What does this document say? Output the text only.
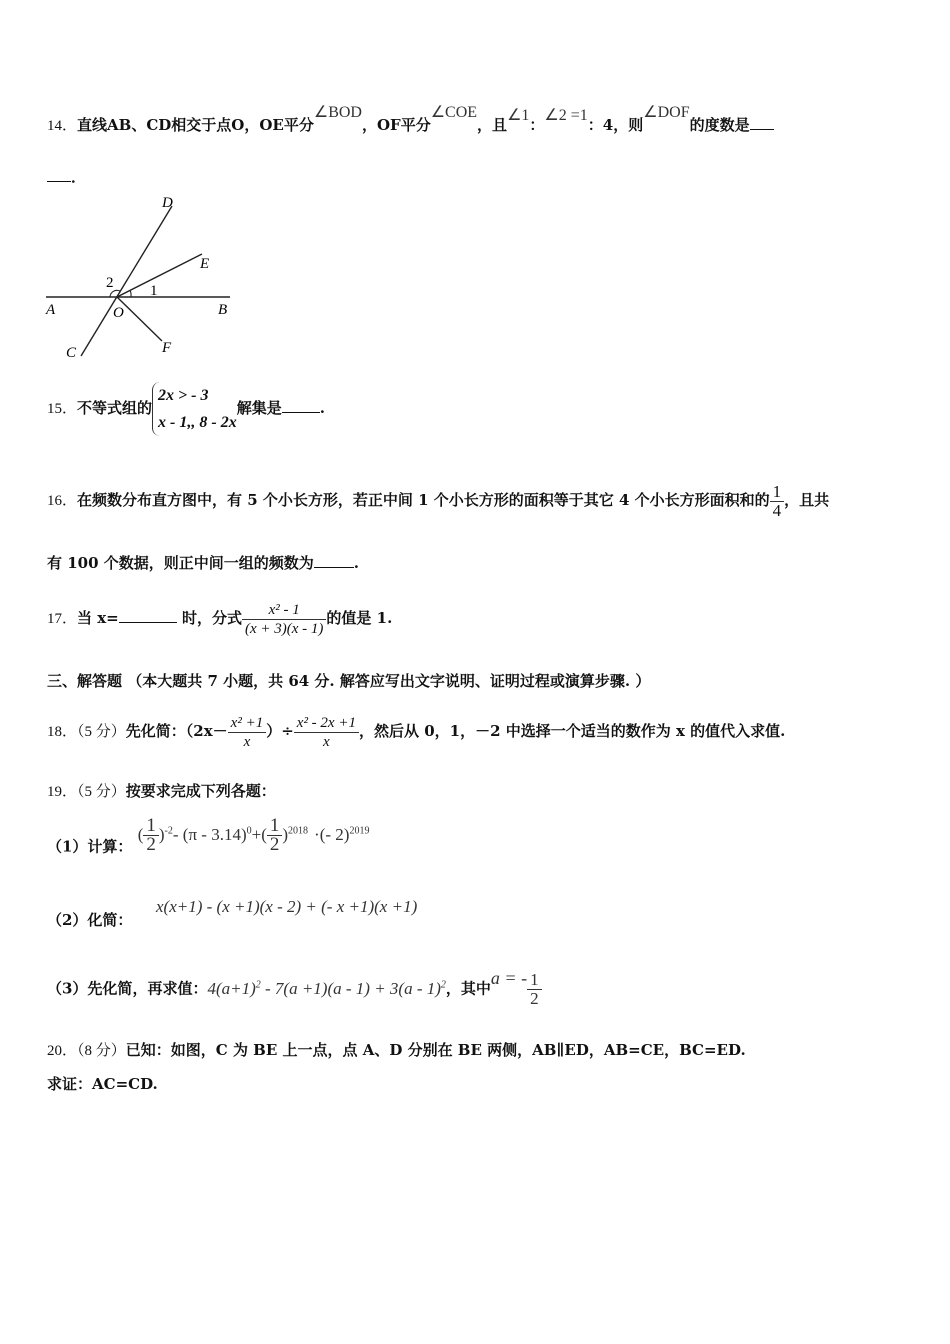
14．直线AB、CD相交于点O，OE平分∠BOD，OF平分∠COE，且∠1：∠2 =1：4，则∠DOF的度数是
．
D
E
2 1
A	O	B
C	F
15．不等式组的
2x > - 3
x - 1,, 8 - 2x
解集是	.
16．在频数分布直方图中，有 5 个小长方形，若正中间 1 个小长方形的面积等于其它 4 个小长方形面积和的 $\frac{1}{4}$ ，且共
有 100 个数据，则正中间一组的频数为	.
17．当 x=	时，分式 $\frac{\text{x² - 1}}{(x + 3)(x - 1)}$ 的值是 1.
三、解答题 （本大题共 7 小题，共 64 分. 解答应写出文字说明、证明过程或演算步骤. ）
18．（5 分）先化简：（$2x- \frac{\text{x² +1}}{x}$ ）÷ $\frac{\text{x² - 2x +1}}{x}$ ，然后从 0，1，－2 中选择一个适当的数作为 x 的值代入求值.
19．（5 分）按要求完成下列各题：
（1）计算： ( $\frac{1}{2} )^{-2}-$ $(\pi - 3.14)^0+( \frac{1}{2} )^{2018}$ ·(- 2)$^{2019}$
（2）化简：
x(x+1) - (x +1)(x - 2) + (- x +1)(x +1)
（3）先化简，再求值：$4(a+1)^2 - 7(a +1)(a - 1) + 3(a - 1)^2$，其中a = - $\frac{1}{2}$
20．（8 分）已知：如图，C 为 BE 上一点，点 A、D 分别在 BE 两侧，AB∥ED，AB=CE，BC=ED.
求证：AC=CD.
